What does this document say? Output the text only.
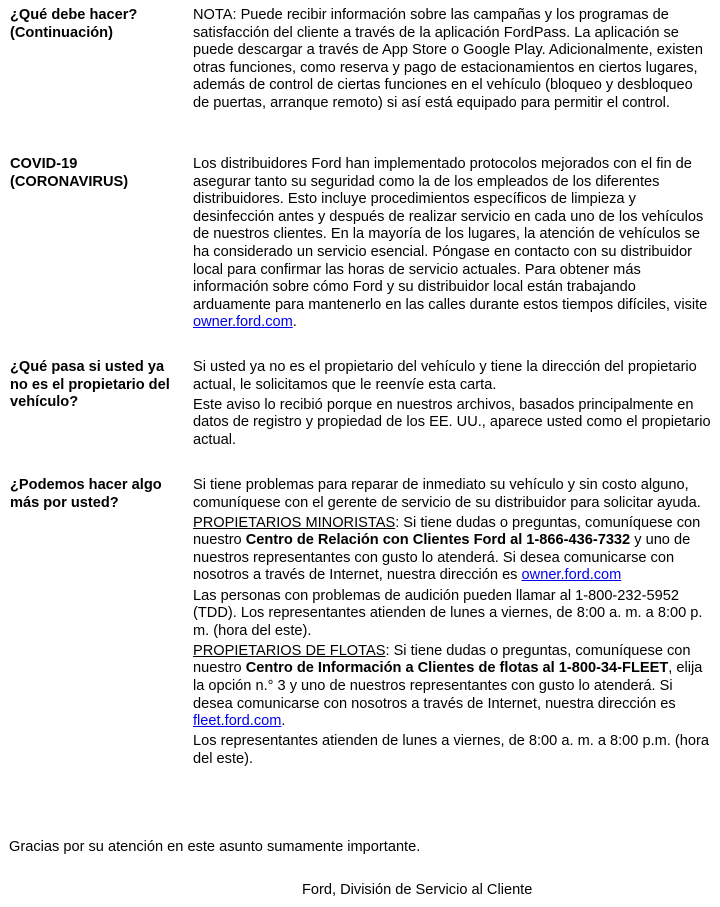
¿Qué debe hacer?
(Continuación)

NOTA: Puede recibir información sobre las campañas y los programas de satisfacción del cliente a través de la aplicación FordPass. La aplicación se puede descargar a través de App Store o Google Play. Adicionalmente, existen otras funciones, como reserva y pago de estacionamientos en ciertos lugares, además de control de ciertas funciones en el vehículo (bloqueo y desbloqueo de puertas, arranque remoto) si así está equipado para permitir el control.

COVID-19
(CORONAVIRUS)

Los distribuidores Ford han implementado protocolos mejorados con el fin de asegurar tanto su seguridad como la de los empleados de los diferentes distribuidores. Esto incluye procedimientos específicos de limpieza y desinfección antes y después de realizar servicio en cada uno de los vehículos de nuestros clientes. En la mayoría de los lugares, la atención de vehículos se ha considerado un servicio esencial. Póngase en contacto con su distribuidor local para confirmar las horas de servicio actuales. Para obtener más información sobre cómo Ford y su distribuidor local están trabajando arduamente para mantenerlo en las calles durante estos tiempos difíciles, visite owner.ford.com.

¿Qué pasa si usted ya no es el propietario del vehículo?

Si usted ya no es el propietario del vehículo y tiene la dirección del propietario actual, le solicitamos que le reenvíe esta carta.

Este aviso lo recibió porque en nuestros archivos, basados principalmente en datos de registro y propiedad de los EE. UU., aparece usted como el propietario actual.

¿Podemos hacer algo más por usted?

Si tiene problemas para reparar de inmediato su vehículo y sin costo alguno, comuníquese con el gerente de servicio de su distribuidor para solicitar ayuda.

PROPIETARIOS MINORISTAS: Si tiene dudas o preguntas, comuníquese con nuestro Centro de Relación con Clientes Ford al 1-866-436-7332 y uno de nuestros representantes con gusto lo atenderá. Si desea comunicarse con nosotros a través de Internet, nuestra dirección es owner.ford.com

Las personas con problemas de audición pueden llamar al 1-800-232-5952 (TDD). Los representantes atienden de lunes a viernes, de 8:00 a. m. a 8:00 p. m. (hora del este).

PROPIETARIOS DE FLOTAS: Si tiene dudas o preguntas, comuníquese con nuestro Centro de Información a Clientes de flotas al 1-800-34-FLEET, elija la opción n.° 3 y uno de nuestros representantes con gusto lo atenderá. Si desea comunicarse con nosotros a través de Internet, nuestra dirección es fleet.ford.com.

Los representantes atienden de lunes a viernes, de 8:00 a. m. a 8:00 p.m. (hora del este).

Gracias por su atención en este asunto sumamente importante.
Ford, División de Servicio al Cliente
